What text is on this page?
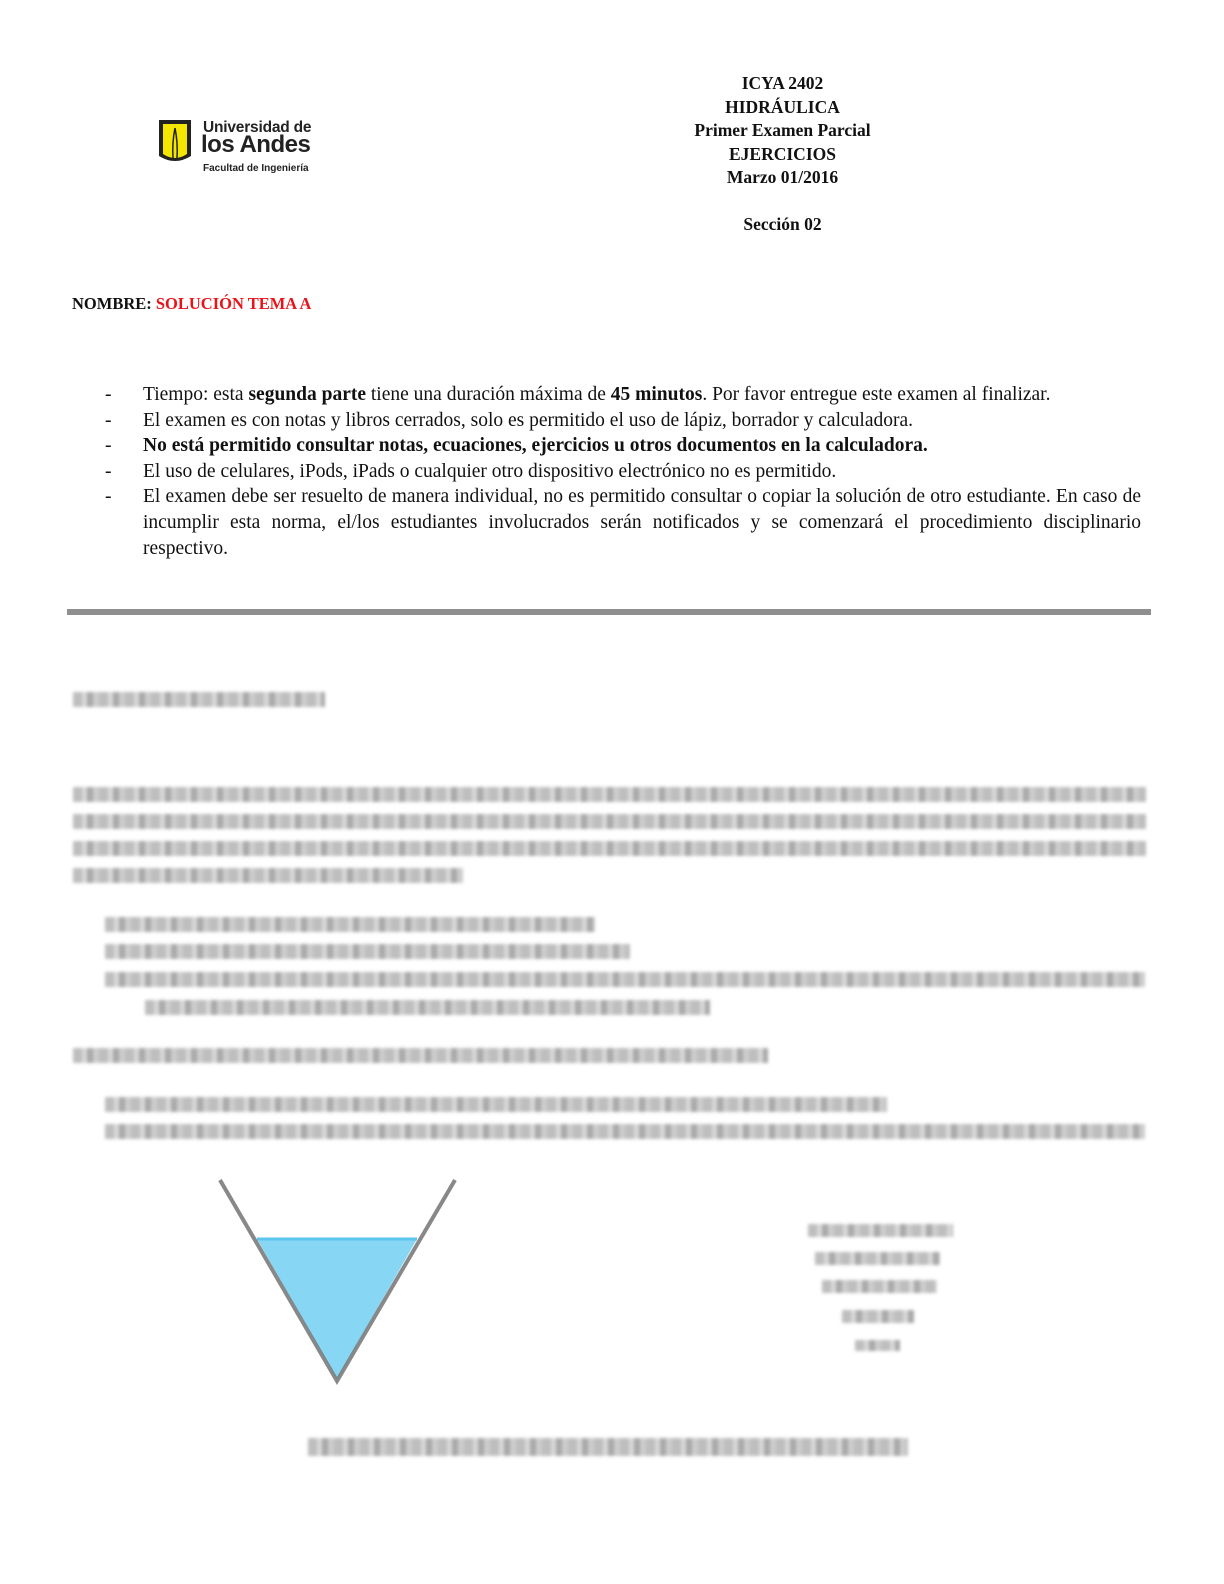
Universidad de
los Andes
Facultad de Ingeniería
ICYA 2402
HIDRÁULICA
Primer Examen Parcial
EJERCICIOS
Marzo 01/2016
Sección 02
NOMBRE: SOLUCIÓN TEMA A
-	Tiempo: esta segunda parte tiene una duración máxima de 45 minutos. Por favor entregue este examen al finalizar.
-	El examen es con notas y libros cerrados, solo es permitido el uso de lápiz, borrador y calculadora.
-	No está permitido consultar notas, ecuaciones, ejercicios u otros documentos en la calculadora.
-	El uso de celulares, iPods, iPads o cualquier otro dispositivo electrónico no es permitido.
-	El examen debe ser resuelto de manera individual, no es permitido consultar o copiar la solución de otro estudiante. En caso de incumplir esta norma, el/los estudiantes involucrados serán notificados y se comenzará el procedimiento disciplinario respectivo.
